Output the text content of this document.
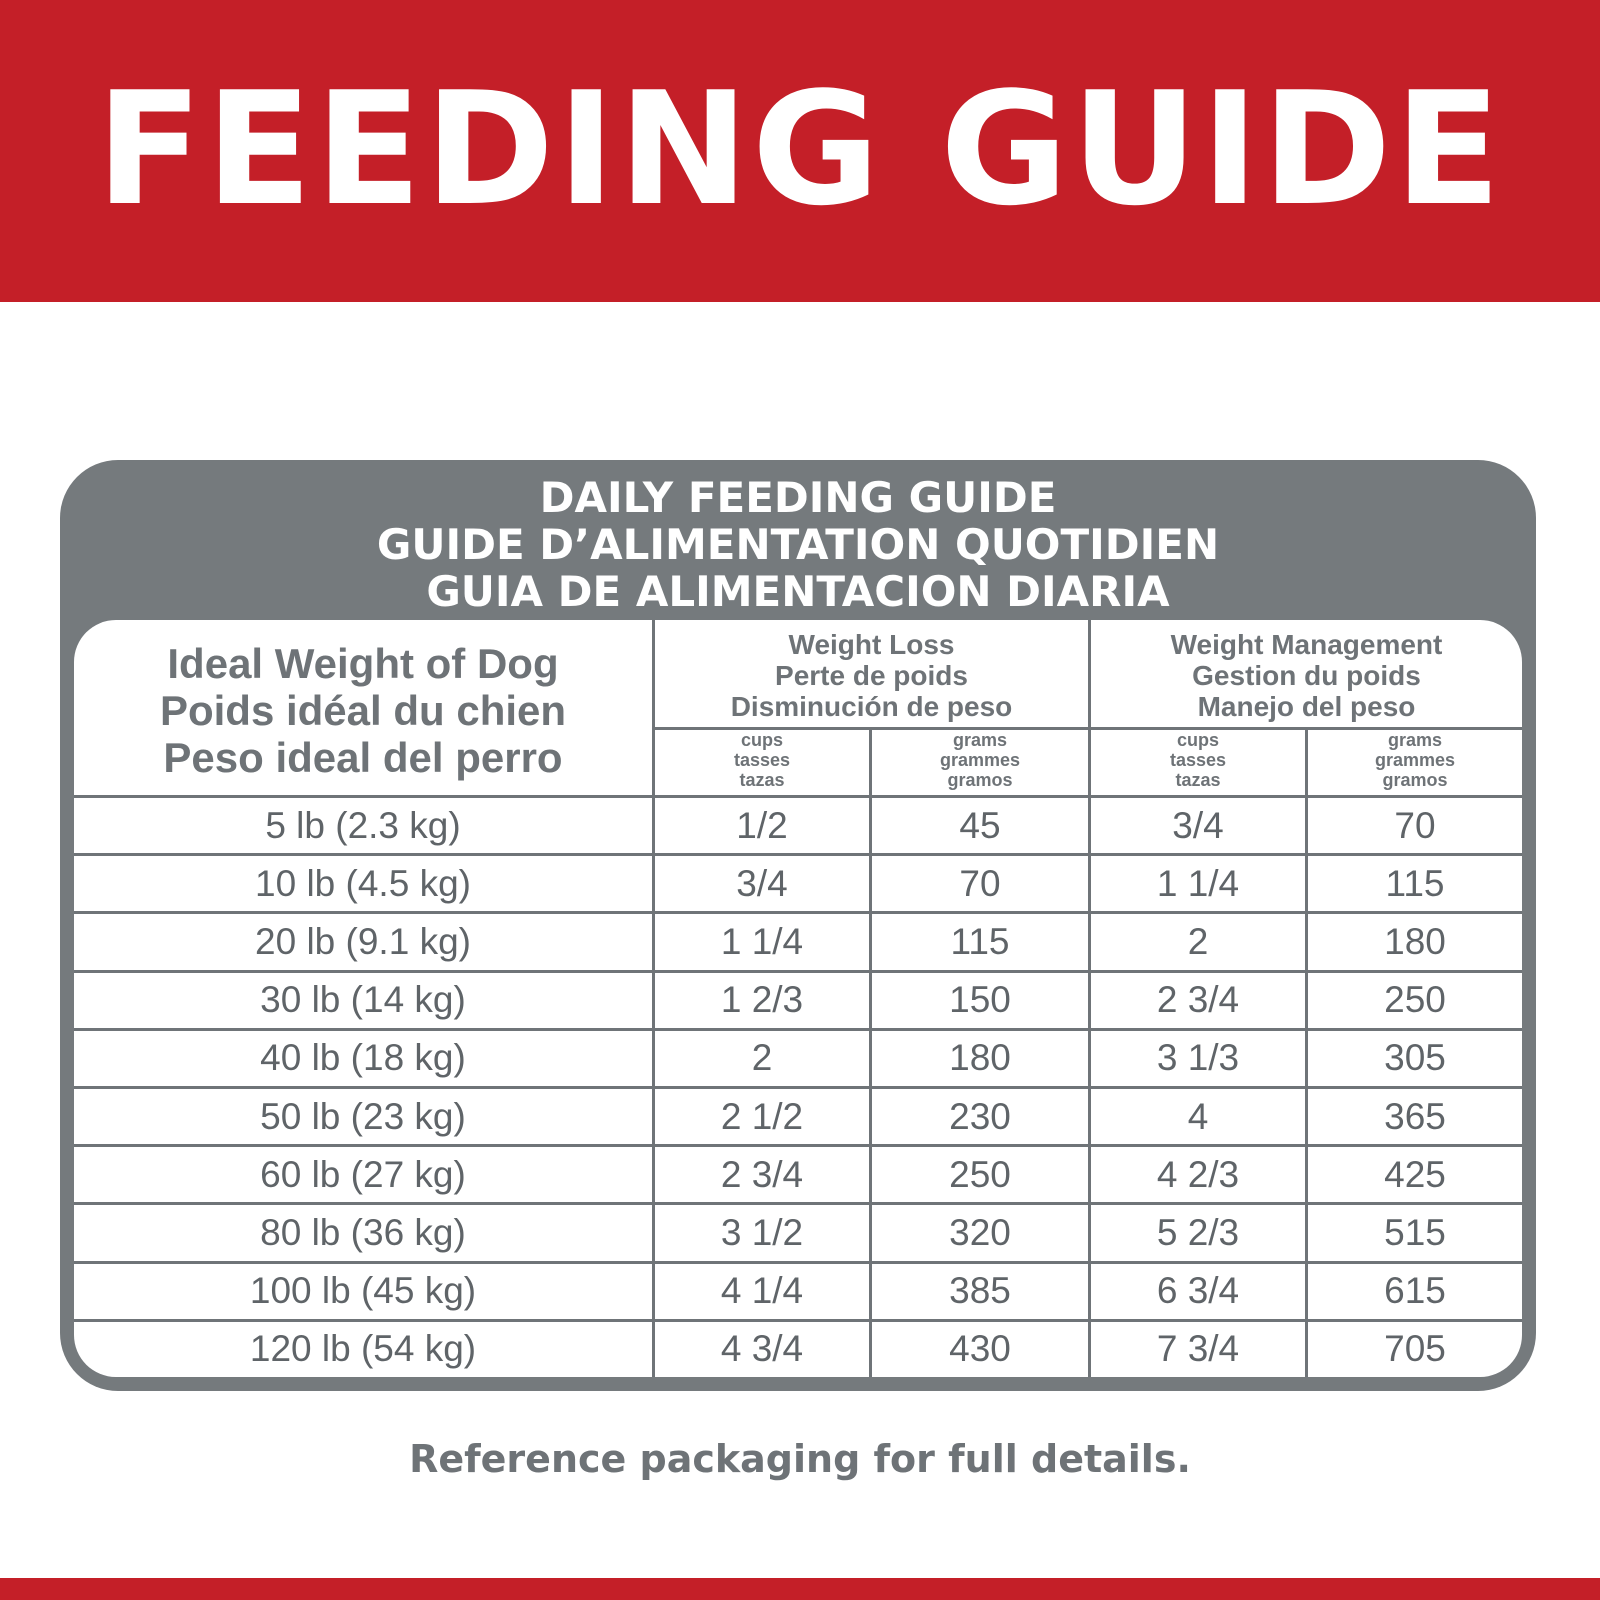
FEEDING GUIDE
DAILY FEEDING GUIDE
GUIDE D’ALIMENTATION QUOTIDIEN
GUIA DE ALIMENTACION DIARIA
Ideal Weight of Dog
Poids idéal du chien
Peso ideal del perro
Weight Loss
Perte de poids
Disminución de peso
Weight Management
Gestion du poids
Manejo del peso
cups
tasses
tazas
grams
grammes
gramos
cups
tasses
tazas
grams
grammes
gramos
5 lb (2.3 kg)	1/2	45	3/4	70
10 lb (4.5 kg)	3/4	70	1 1/4	115
20 lb (9.1 kg)	1 1/4	115	2	180
30 lb (14 kg)	1 2/3	150	2 3/4	250
40 lb (18 kg)	2	180	3 1/3	305
50 lb (23 kg)	2 1/2	230	4	365
60 lb (27 kg)	2 3/4	250	4 2/3	425
80 lb (36 kg)	3 1/2	320	5 2/3	515
100 lb (45 kg)	4 1/4	385	6 3/4	615
120 lb (54 kg)	4 3/4	430	7 3/4	705
Reference packaging for full details.
